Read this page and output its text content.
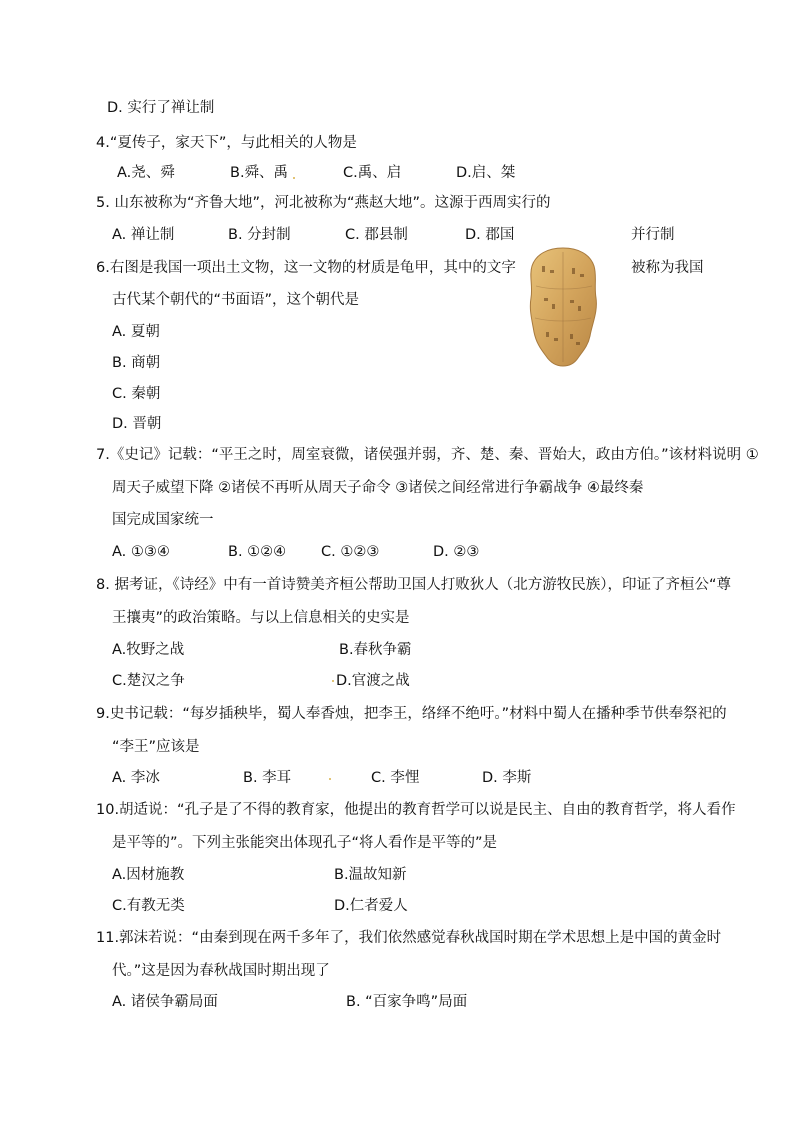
D. 实行了禅让制
4.“夏传子，家天下”，与此相关的人物是
A.尧、舜	B.舜、禹	C.禹、启	D.启、桀
5. 山东被称为“齐鲁大地”，河北被称为“燕赵大地”。这源于西周实行的
A. 禅让制	B. 分封制	C. 郡县制	D. 郡国	并行制
6.右图是我国一项出土文物，这一文物的材质是龟甲，其中的文字	被称为我国
古代某个朝代的“书面语”，这个朝代是
A. 夏朝
B. 商朝
C. 秦朝
D. 晋朝
7.《史记》记载：“平王之时，周室衰微，诸侯强并弱，齐、楚、秦、晋始大，政由方伯。”该材料说明 ①
周天子威望下降 ②诸侯不再听从周天子命令 ③诸侯之间经常进行争霸战争 ④最终秦
国完成国家统一
A. ①③④	B. ①②④ C. ①②③	D. ②③
8. 据考证，《诗经》中有一首诗赞美齐桓公帮助卫国人打败狄人（北方游牧民族），印证了齐桓公“尊
王攘夷”的政治策略。与以上信息相关的史实是
A.牧野之战	B.春秋争霸
C.楚汉之争	D.官渡之战
9.史书记载：“每岁插秧毕，蜀人奉香烛，把李王，络绎不绝吁。”材料中蜀人在播种季节供奉祭祀的
“李王”应该是
A. 李冰	B. 李耳	C. 李悝	D. 李斯
10.胡适说：“孔子是了不得的教育家，他提出的教育哲学可以说是民主、自由的教育哲学，将人看作
是平等的”。下列主张能突出体现孔子“将人看作是平等的”是
A.因材施教	B.温故知新
C.有教无类	D.仁者爱人
11.郭沫若说：“由秦到现在两千多年了，我们依然感觉春秋战国时期在学术思想上是中国的黄金时
代。”这是因为春秋战国时期出现了
A. 诸侯争霸局面	B. “百家争鸣”局面
